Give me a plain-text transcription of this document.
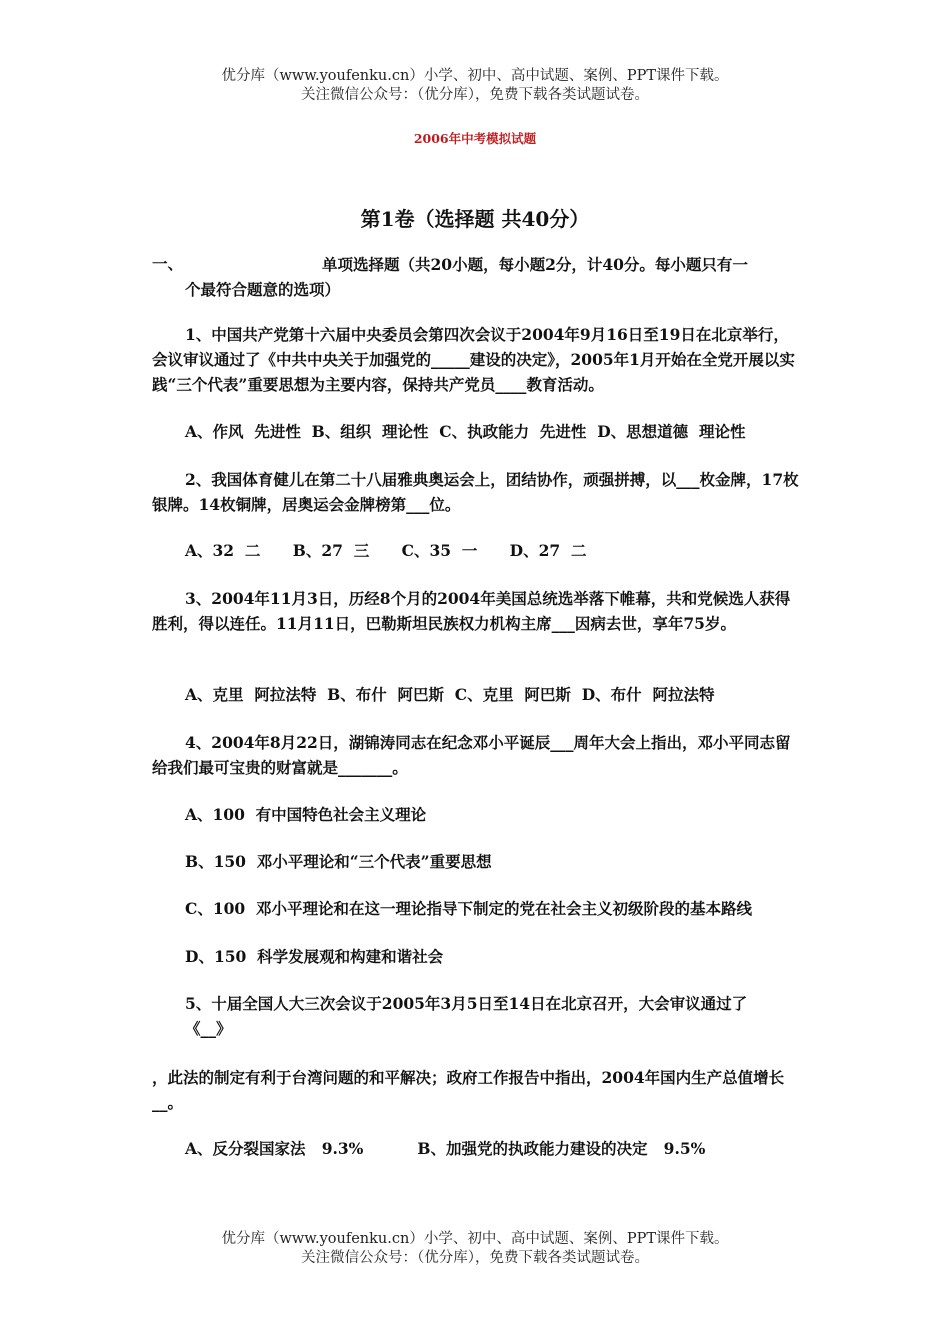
优分库（www.youfenku.cn）小学、初中、高中试题、案例、PPT课件下载。
关注微信公众号：（优分库），免费下载各类试题试卷。
2006年中考模拟试题
第1卷（选择题 共40分）
一、	单项选择题（共20小题，每小题2分，计40分。每小题只有一
个最符合题意的选项）

1、中国共产党第十六届中央委员会第四次会议于2004年9月16日至19日在北京举行，会议审议通过了《中共中央关于加强党的_____建设的决定》，2005年1月开始在全党开展以实践“三个代表”重要思想为主要内容，保持共产党员____教育活动。

A、作风  先进性  B、组织  理论性  C、执政能力  先进性  D、思想道德  理论性

2、我国体育健儿在第二十八届雅典奥运会上，团结协作，顽强拼搏，以___枚金牌，17枚银牌。14枚铜牌，居奥运会金牌榜第___位。

A、32  二      B、27  三      C、35  一      D、27  二

3、2004年11月3日，历经8个月的2004年美国总统选举落下帷幕，共和党候选人获得胜利，得以连任。11月11日，巴勒斯坦民族权力机构主席___因病去世，享年75岁。

A、克里  阿拉法特  B、布什  阿巴斯  C、克里  阿巴斯  D、布什  阿拉法特

4、2004年8月22日，湖锦涛同志在纪念邓小平诞辰___周年大会上指出，邓小平同志留给我们最可宝贵的财富就是_______。

A、100  有中国特色社会主义理论
B、150  邓小平理论和“三个代表”重要思想
C、100  邓小平理论和在这一理论指导下制定的党在社会主义初级阶段的基本路线
D、150  科学发展观和构建和谐社会
5、十届全国人大三次会议于2005年3月5日至14日在北京召开，大会审议通过了
《__》

，此法的制定有利于台湾问题的和平解决；政府工作报告中指出，2004年国内生产总值增长__。

A、反分裂国家法   9.3%          B、加强党的执政能力建设的决定   9.5%
优分库（www.youfenku.cn）小学、初中、高中试题、案例、PPT课件下载。
关注微信公众号：（优分库），免费下载各类试题试卷。
